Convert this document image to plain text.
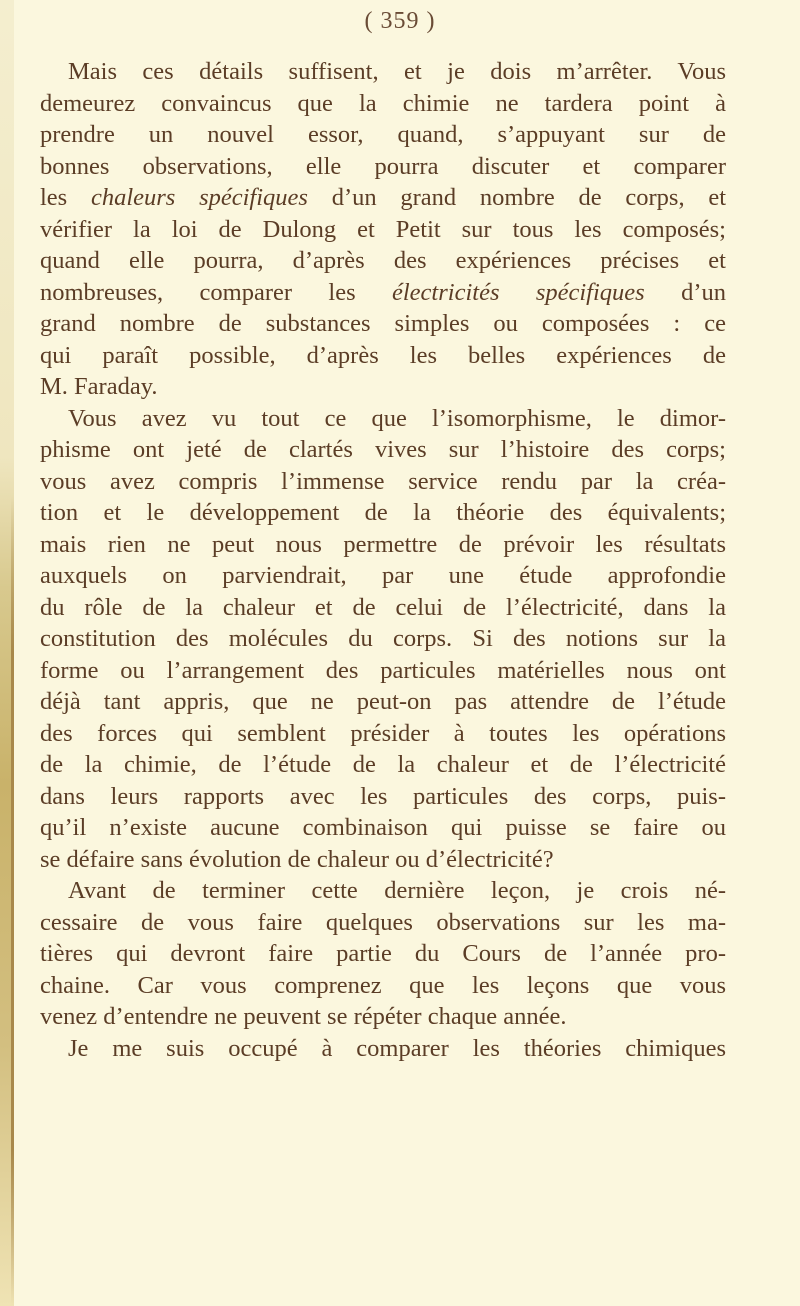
( 359 )
Mais ces détails suffisent, et je dois m’arrêter. Vous
demeurez convaincus que la chimie ne tardera point à
prendre un nouvel essor, quand, s’appuyant sur de
bonnes observations, elle pourra discuter et comparer
les chaleurs spécifiques d’un grand nombre de corps, et
vérifier la loi de Dulong et Petit sur tous les composés;
quand elle pourra, d’après des expériences précises et
nombreuses, comparer les électricités spécifiques d’un
grand nombre de substances simples ou composées : ce
qui paraît possible, d’après les belles expériences de
M. Faraday.
Vous avez vu tout ce que l’isomorphisme, le dimor-
phisme ont jeté de clartés vives sur l’histoire des corps;
vous avez compris l’immense service rendu par la créa-
tion et le développement de la théorie des équivalents;
mais rien ne peut nous permettre de prévoir les résultats
auxquels on parviendrait, par une étude approfondie
du rôle de la chaleur et de celui de l’électricité, dans la
constitution des molécules du corps. Si des notions sur la
forme ou l’arrangement des particules matérielles nous ont
déjà tant appris, que ne peut-on pas attendre de l’étude
des forces qui semblent présider à toutes les opérations
de la chimie, de l’étude de la chaleur et de l’électricité
dans leurs rapports avec les particules des corps, puis-
qu’il n’existe aucune combinaison qui puisse se faire ou
se défaire sans évolution de chaleur ou d’électricité?
Avant de terminer cette dernière leçon, je crois né-
cessaire de vous faire quelques observations sur les ma-
tières qui devront faire partie du Cours de l’année pro-
chaine. Car vous comprenez que les leçons que vous
venez d’entendre ne peuvent se répéter chaque année.
Je me suis occupé à comparer les théories chimiques
